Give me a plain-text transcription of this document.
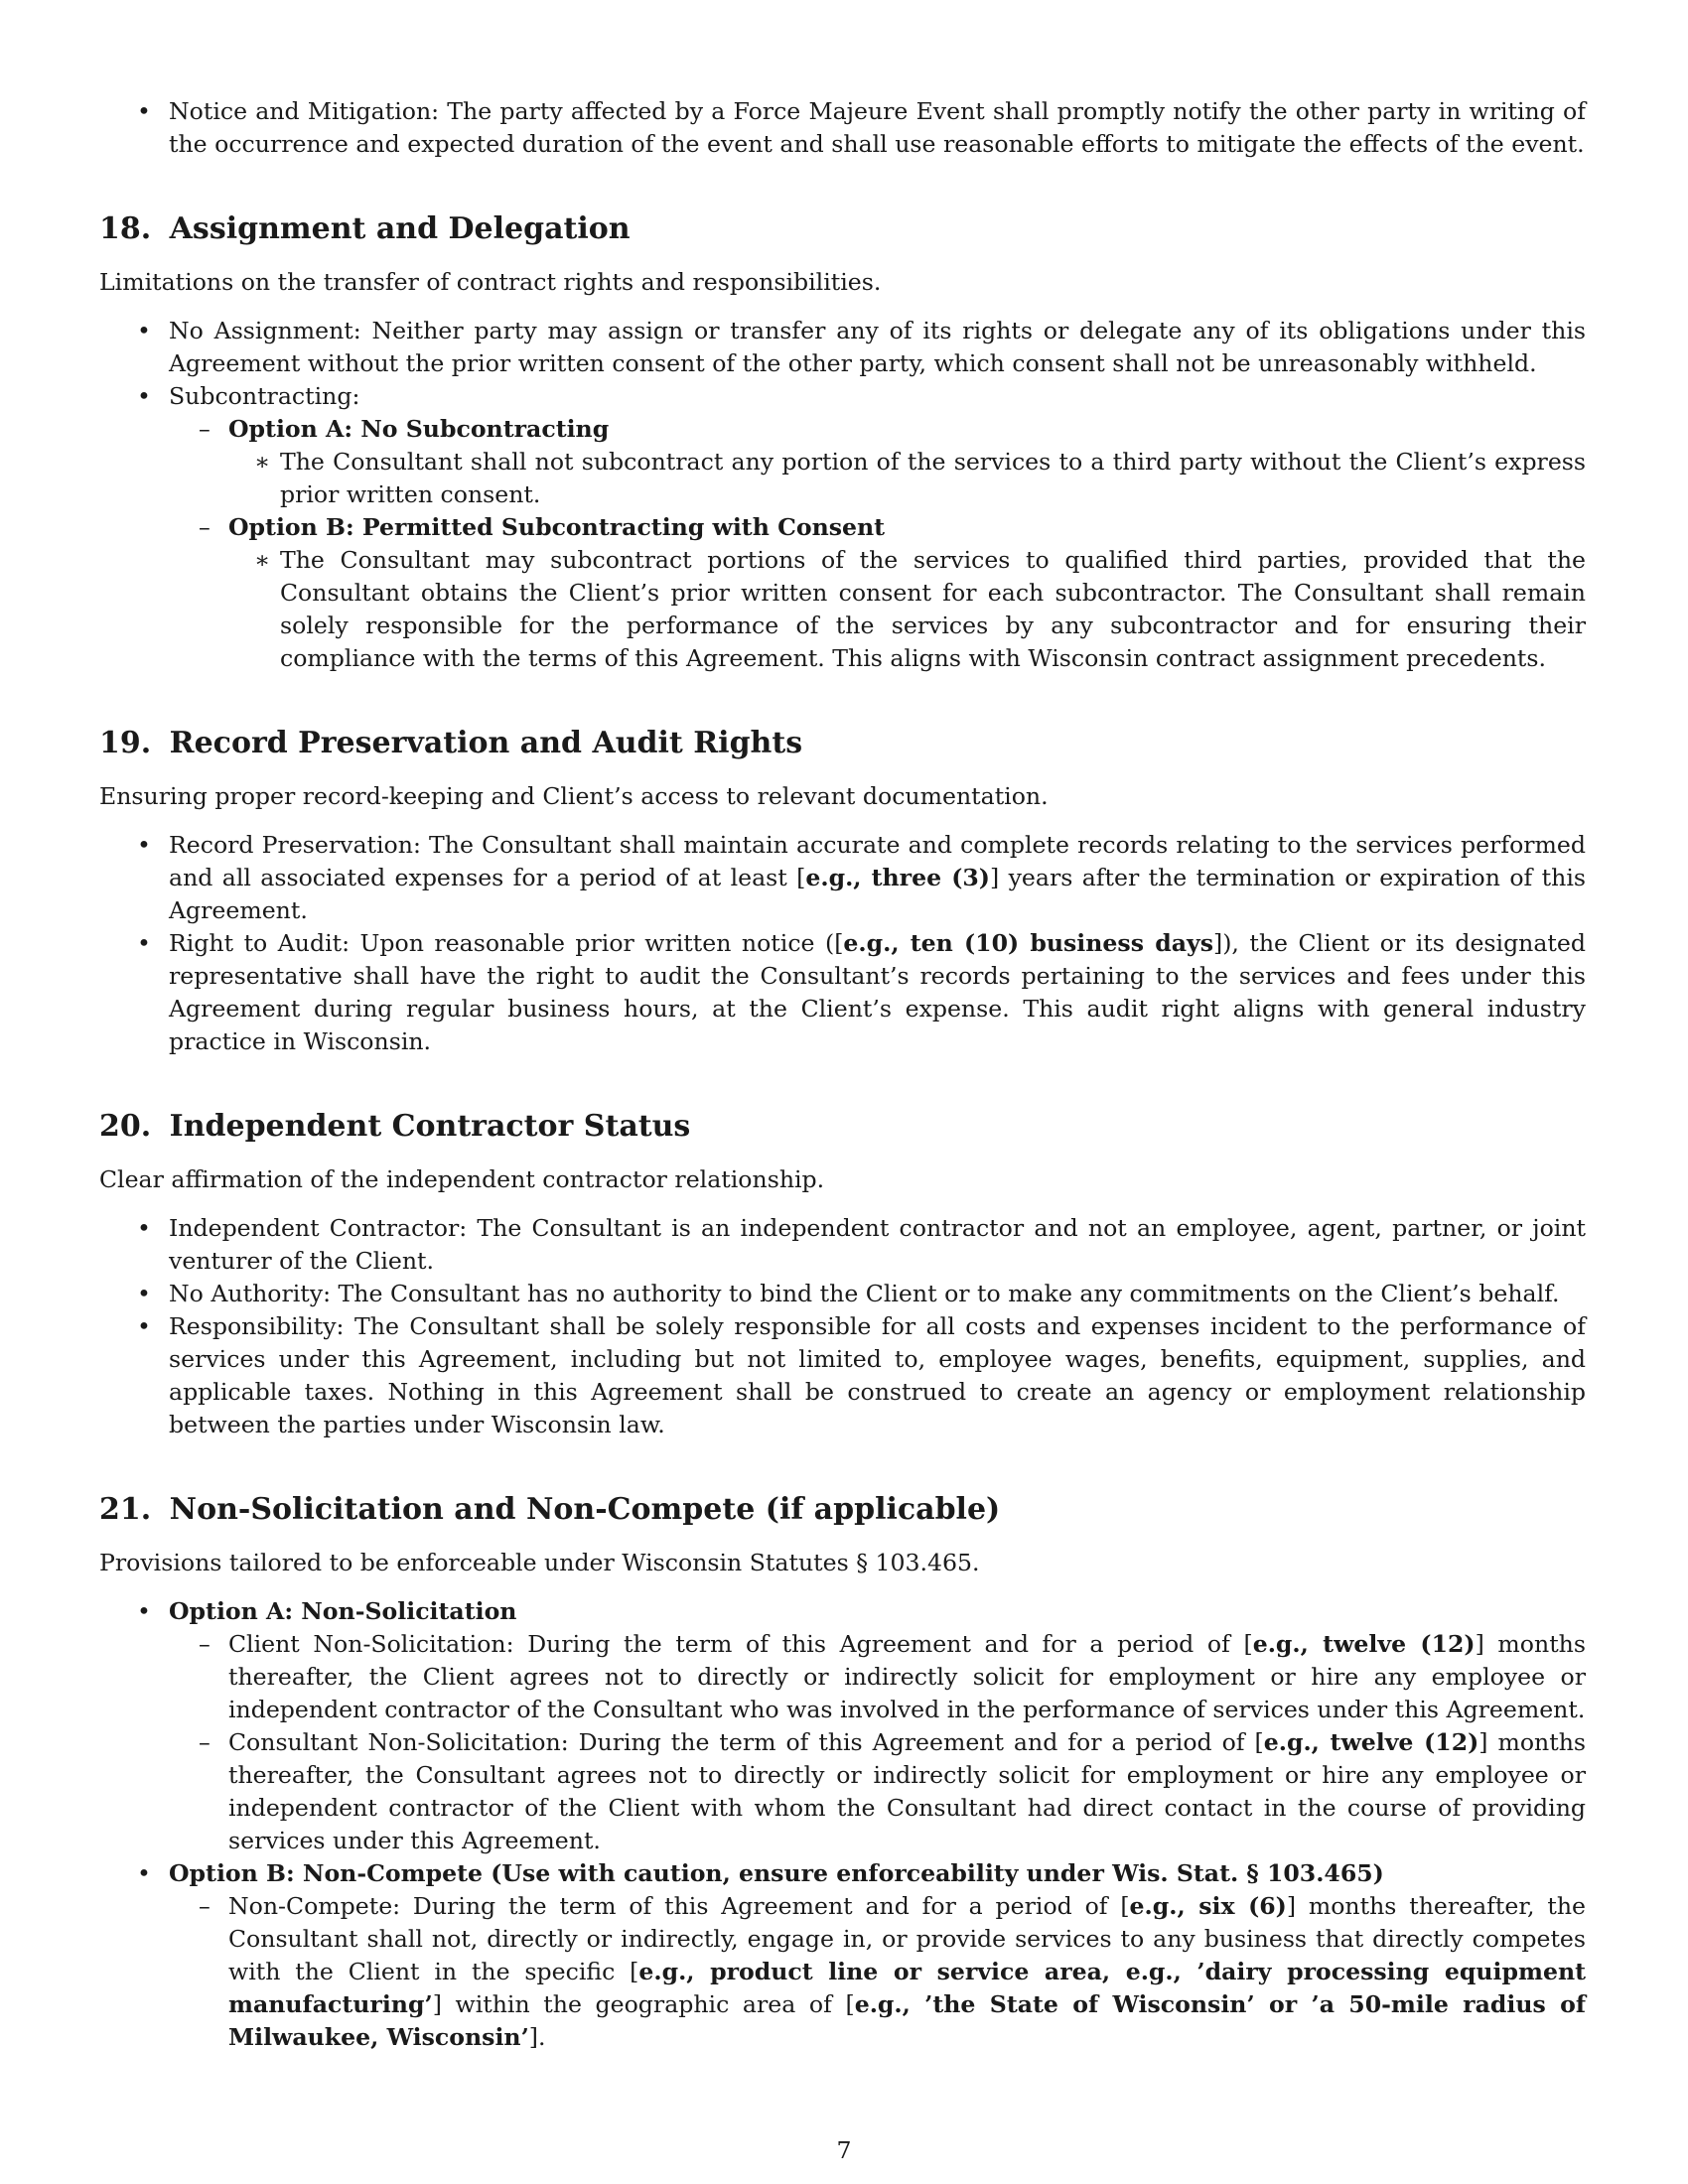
• Notice and Mitigation: The party affected by a Force Majeure Event shall promptly notify the other party in writing of the occurrence and expected duration of the event and shall use reasonable efforts to mitigate the effects of the event.

18. Assignment and Delegation

Limitations on the transfer of contract rights and responsibilities.

• No Assignment: Neither party may assign or transfer any of its rights or delegate any of its obligations under this Agreement without the prior written consent of the other party, which consent shall not be unreasonably withheld.

• Subcontracting:

– Option A: No Subcontracting

∗ The Consultant shall not subcontract any portion of the services to a third party without the Client’s express prior written consent.

– Option B: Permitted Subcontracting with Consent

∗ The Consultant may subcontract portions of the services to qualified third parties, provided that the Consultant obtains the Client’s prior written consent for each subcontractor. The Consultant shall remain solely responsible for the performance of the services by any subcontractor and for ensuring their compliance with the terms of this Agreement. This aligns with Wisconsin contract assignment precedents.

19. Record Preservation and Audit Rights

Ensuring proper record-keeping and Client’s access to relevant documentation.

• Record Preservation: The Consultant shall maintain accurate and complete records relating to the services performed and all associated expenses for a period of at least [e.g., three (3)] years after the termination or expiration of this Agreement.

• Right to Audit: Upon reasonable prior written notice ([e.g., ten (10) business days]), the Client or its designated representative shall have the right to audit the Consultant’s records pertaining to the services and fees under this Agreement during regular business hours, at the Client’s expense. This audit right aligns with general industry practice in Wisconsin.

20. Independent Contractor Status

Clear affirmation of the independent contractor relationship.

• Independent Contractor: The Consultant is an independent contractor and not an employee, agent, partner, or joint venturer of the Client.

• No Authority: The Consultant has no authority to bind the Client or to make any commitments on the Client’s behalf.

• Responsibility: The Consultant shall be solely responsible for all costs and expenses incident to the performance of services under this Agreement, including but not limited to, employee wages, benefits, equipment, supplies, and applicable taxes. Nothing in this Agreement shall be construed to create an agency or employment relationship between the parties under Wisconsin law.

21. Non-Solicitation and Non-Compete (if applicable)

Provisions tailored to be enforceable under Wisconsin Statutes § 103.465.

• Option A: Non-Solicitation

– Client Non-Solicitation: During the term of this Agreement and for a period of [e.g., twelve (12)] months thereafter, the Client agrees not to directly or indirectly solicit for employment or hire any employee or independent contractor of the Consultant who was involved in the performance of services under this Agreement.

– Consultant Non-Solicitation: During the term of this Agreement and for a period of [e.g., twelve (12)] months thereafter, the Consultant agrees not to directly or indirectly solicit for employment or hire any employee or independent contractor of the Client with whom the Consultant had direct contact in the course of providing services under this Agreement.

• Option B: Non-Compete (Use with caution, ensure enforceability under Wis. Stat. § 103.465)

– Non-Compete: During the term of this Agreement and for a period of [e.g., six (6)] months thereafter, the Consultant shall not, directly or indirectly, engage in, or provide services to any business that directly competes with the Client in the specific [e.g., product line or service area, e.g., ’dairy processing equipment manufacturing’] within the geographic area of [e.g., ’the State of Wisconsin’ or ’a 50-mile radius of Milwaukee, Wisconsin’].

7
